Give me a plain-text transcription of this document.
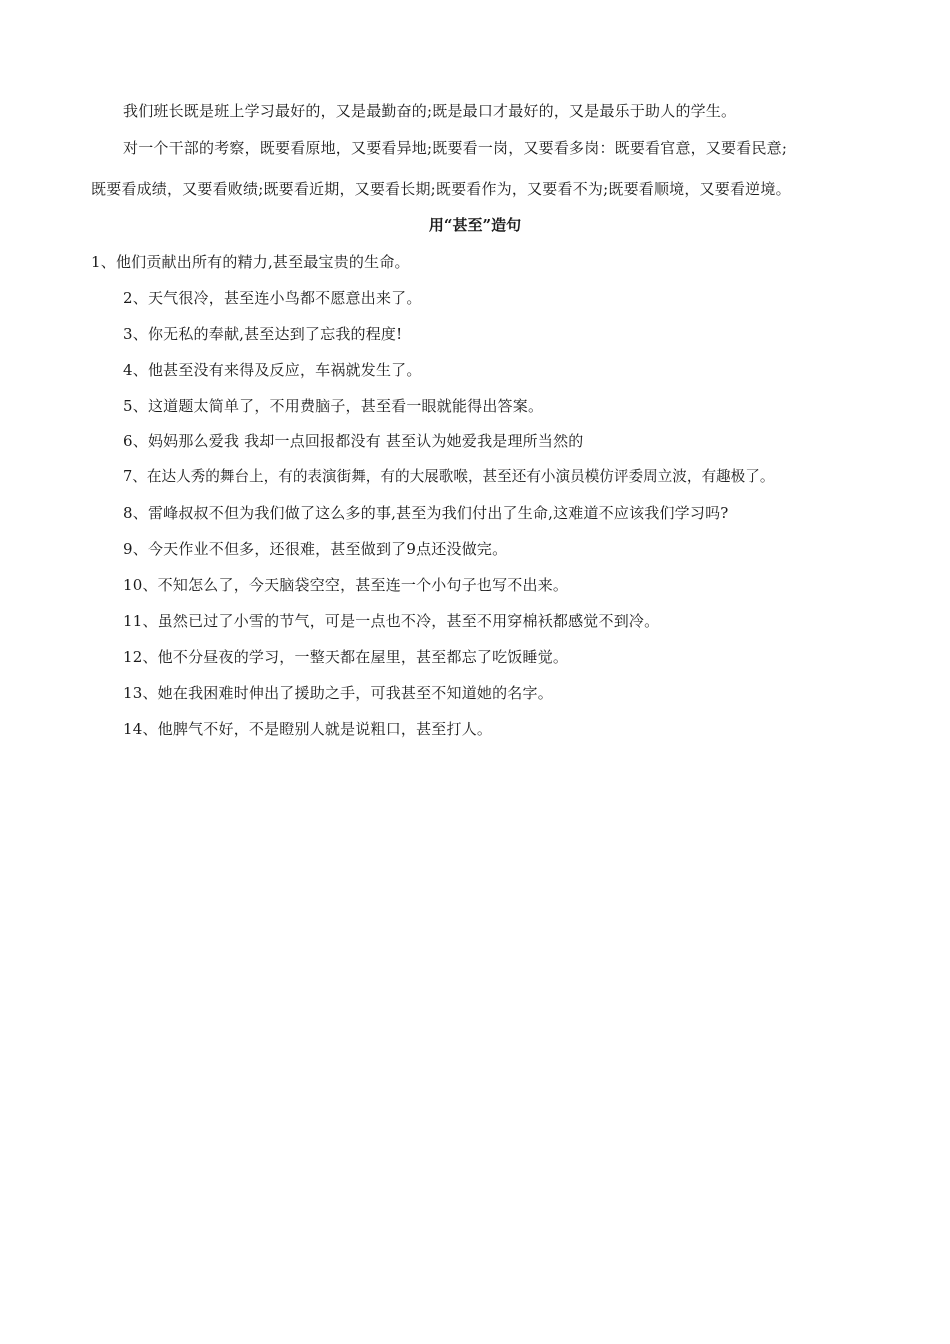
我们班长既是班上学习最好的，又是最勤奋的;既是最口才最好的，又是最乐于助人的学生。
对一个干部的考察，既要看原地，又要看异地;既要看一岗，又要看多岗：既要看官意，又要看民意;
既要看成绩，又要看败绩;既要看近期，又要看长期;既要看作为，又要看不为;既要看顺境，又要看逆境。
用“甚至”造句
1、他们贡献出所有的精力,甚至最宝贵的生命。
2、天气很冷，甚至连小鸟都不愿意出来了。
3、你无私的奉献,甚至达到了忘我的程度!
4、他甚至没有来得及反应，车祸就发生了。
5、这道题太简单了，不用费脑子，甚至看一眼就能得出答案。
6、妈妈那么爱我 我却一点回报都没有 甚至认为她爱我是理所当然的
7、在达人秀的舞台上，有的表演街舞，有的大展歌喉，甚至还有小演员模仿评委周立波，有趣极了。
8、雷峰叔叔不但为我们做了这么多的事,甚至为我们付出了生命,这难道不应该我们学习吗?
9、今天作业不但多，还很难，甚至做到了9点还没做完。
10、不知怎么了，今天脑袋空空，甚至连一个小句子也写不出来。
11、虽然已过了小雪的节气，可是一点也不冷，甚至不用穿棉袄都感觉不到冷。
12、他不分昼夜的学习，一整天都在屋里，甚至都忘了吃饭睡觉。
13、她在我困难时伸出了援助之手，可我甚至不知道她的名字。
14、他脾气不好，不是瞪别人就是说粗口，甚至打人。
